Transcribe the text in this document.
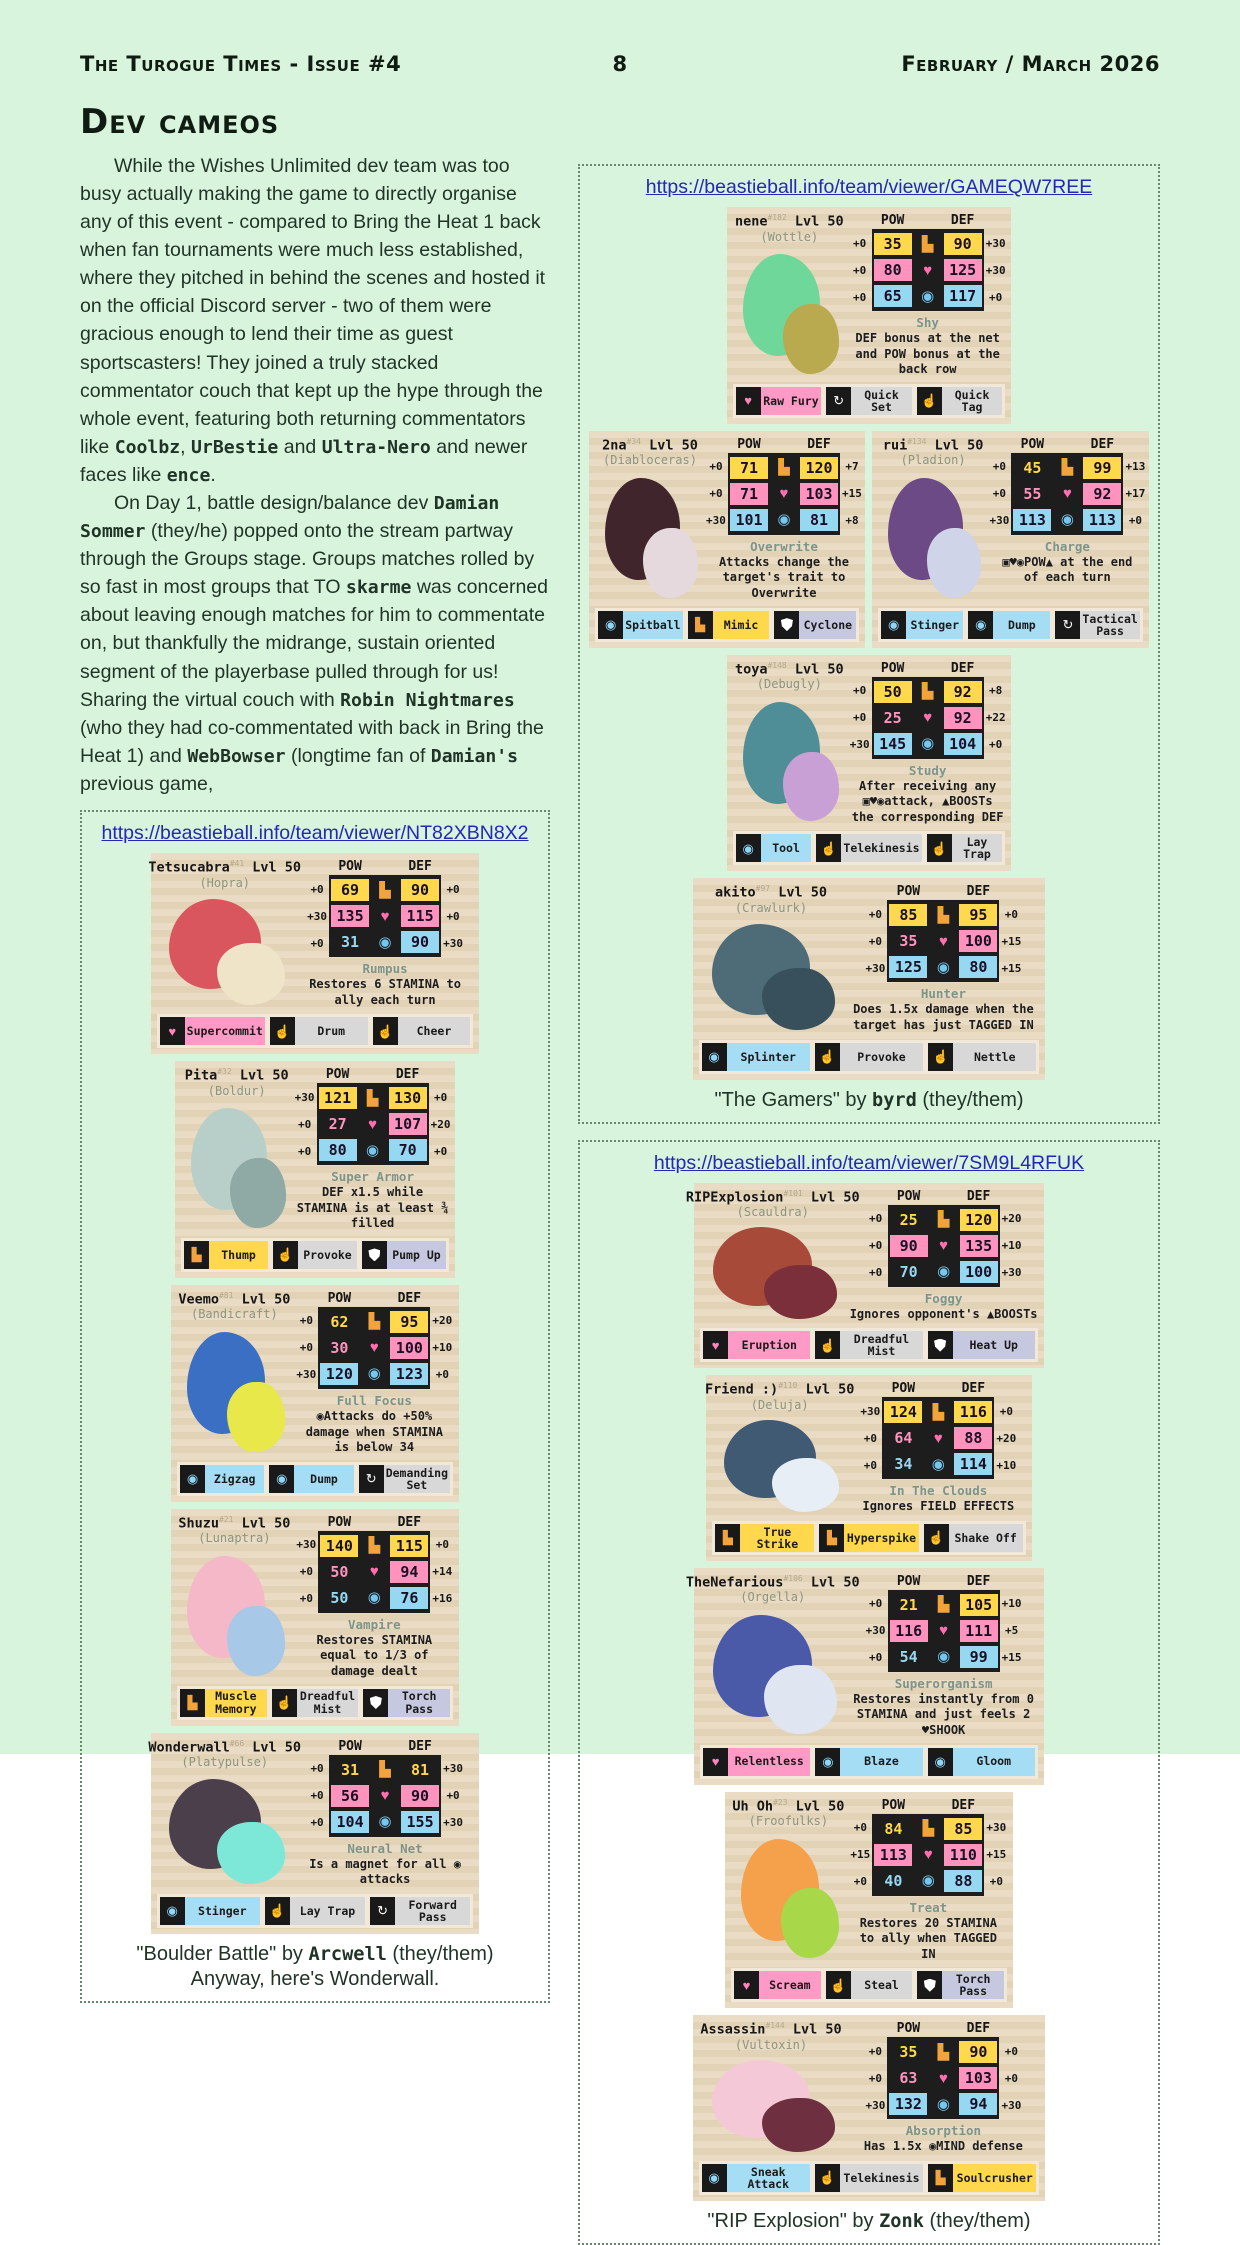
The Turogue Times - Issue #4	8	February / March 2026
Dev cameos

While the Wishes Unlimited dev team was too busy actually making the game to directly organise any of this event - compared to Bring the Heat 1 back when fan tournaments were much less established, where they pitched in behind the scenes and hosted it on the official Discord server - two of them were gracious enough to lend their time as guest sportscasters! They joined a truly stacked commentator couch that kept up the hype through the whole event, featuring both returning commentators like Coolbz, UrBestie and Ultra-Nero and newer faces like ence.

On Day 1, battle design/balance dev Damian Sommer (they/he) popped onto the stream partway through the Groups stage. Groups matches rolled by so fast in most groups that TO skarme was concerned about leaving enough matches for him to commentate on, but thankfully the midrange, sustain oriented segment of the playerbase pulled through for us! Sharing the virtual couch with Robin Nightmares (who they had co-commentated with back in Bring the Heat 1) and WebBowser (longtime fan of Damian's previous game,

https://beastieball.info/team/viewer/NT82XBN8X2
Tetsucabra$^{\#41}$ Lvl 50
(Hopra)
POW	DEF
+0	69	▙	90	+0
+30 135	♥	115	+0
+0	31	◉	90	+30
Rumpus
Restores 6 STAMINA to ally each turn
♥ Supercommit ☝	Drum	☝	Cheer
Pita$^{\#32}$ Lvl 50
(Boldur)
POW	DEF
+30 121	▙	130	+0
+0	27	♥	107 +20
+0	80	◉	70	+0
Super Armor
DEF x1.5 while STAMINA is at least ¾ filled
▙	Thump	☝ Provoke	Pump Up
Veemo$^{\#81}$ Lvl 50
(Bandicraft)
POW	DEF
+0	62	▙	95	+20
+0	30	♥	100 +10
+30 120 ◉ 123	+0
Full Focus
◉Attacks do +50% damage when STAMINA is below 34
◉	Zigzag	◉	Dump	↻ Demanding Set
Shuzu$^{\#21}$ Lvl 50
(Lunaptra)
POW	DEF
+30 140	▙	115	+0
+0	50	♥	94	+14
+0	50	◉	76	+16
Vampire
Restores STAMINA equal to 1/3 of damage dealt
▙	Muscle Memory	☝ Dreadful Mist
Torch Pass
Wonderwall$^{\#66}$ Lvl 50
(Platypulse)
POW	DEF
+0	31	▙	81	+30
+0	56	♥	90	+0
+0 104 ◉ 155 +30
Neural Net
Is a magnet for all ◉ attacks
◉	Stinger	☝	Lay Trap	↻	Forward Pass
"Boulder Battle" by Arcwell (they/them)
Anyway, here's Wonderwall.
https://beastieball.info/team/viewer/GAMEQW7REE
nene$^{\#182}$ Lvl 50
(Wottle)
POW	DEF
+0	35	▙	90	+30
+0	80	♥	125 +30
+0	65	◉ 117	+0
Shy
DEF bonus at the net and POW bonus at the back row
♥ Raw Fury	↻	Quick Set	☝	Quick Tag
$2na^{\#34}$ Lvl 50
(Diabloceras)
POW	DEF
+0	71	▙	120	+7
+0	71	♥	103 +15
+30 101 ◉	81	+8
Overwrite
Attacks change the target's trait to Overwrite
◉ Spitball	▙	Mimic	Cyclone
rui$^{\#134}$ Lvl 50
(Pladion)
POW	DEF
+0	45	▙	99	+13
+0	55	♥	92	+17
+30 113 ◉ 113	+0
Charge
▣♥◉POW▲ at the end of each turn
◉ Stinger	◉	Dump	↻ Tactical Pass
toya$^{\#148}$ Lvl 50
(Debugly)
POW	DEF
+0	50	▙	92	+8
+0	25	♥	92	+22
+30 145 ◉ 104	+0
Study
After receiving any ▣♥◉attack, ▲BOOSTs the corresponding DEF
◉	Tool	☝ Telekinesis ☝	Lay Trap
akito$^{\#97}$ Lvl 50
(Crawlurk)
POW	DEF
+0	85	▙	95	+0
+0	35	♥	100 +15
+30 125 ◉	80	+15
Hunter
Does 1.5x damage when the target has just TAGGED IN
◉	Splinter	☝	Provoke	☝	Nettle
"The Gamers" by byrd (they/them)
https://beastieball.info/team/viewer/7SM9L4RFUK
RIPExplosion$^{\#101}$ Lvl 50
(Scauldra)
POW	DEF
+0	25	▙	120 +20
+0	90	♥	135 +10
+0	70	◉ 100 +30
Foggy
Ignores opponent's ▲BOOSTs
♥	Eruption	☝	Dreadful Mist	Heat Up
Friend :)$^{\#110}$ Lvl 50
(Deluja)
POW	DEF
+30 124	▙	116	+0
+0	64	♥	88	+20
+0	34	◉ 114 +10
In The Clouds
Ignores FIELD EFFECTS
▙	True Strike	▙ Hyperspike ☝ Shake Off
TheNefarious$^{\#106}$ Lvl 50
(Orgella)
POW	DEF
+0	21	▙	105 +10
+30 116	♥	111	+5
+0	54	◉	99	+15
Superorganism
Restores instantly from 0 STAMINA and just feels 2 ♥SHOOK
♥	Relentless	◉	Blaze	◉	Gloom
Uh Oh$^{\#23}$ Lvl 50
(Froofulks)
POW	DEF
+0	84	▙	85	+30
+15 113	♥	110 +15
+0	40	◉	88	+0
Treat
Restores 20 STAMINA to ally when TAGGED IN
♥	Scream	☝	Steal	Torch Pass
Assassin$^{\#144}$ Lvl 50
(Vultoxin)
POW	DEF
+0	35	▙	90	+0
+0	63	♥	103	+0
+30 132 ◉	94	+30
Absorption
Has 1.5x ◉MIND defense
◉	Sneak Attack	☝ Telekinesis	▙ Soulcrusher
"RIP Explosion" by Zonk (they/them)
